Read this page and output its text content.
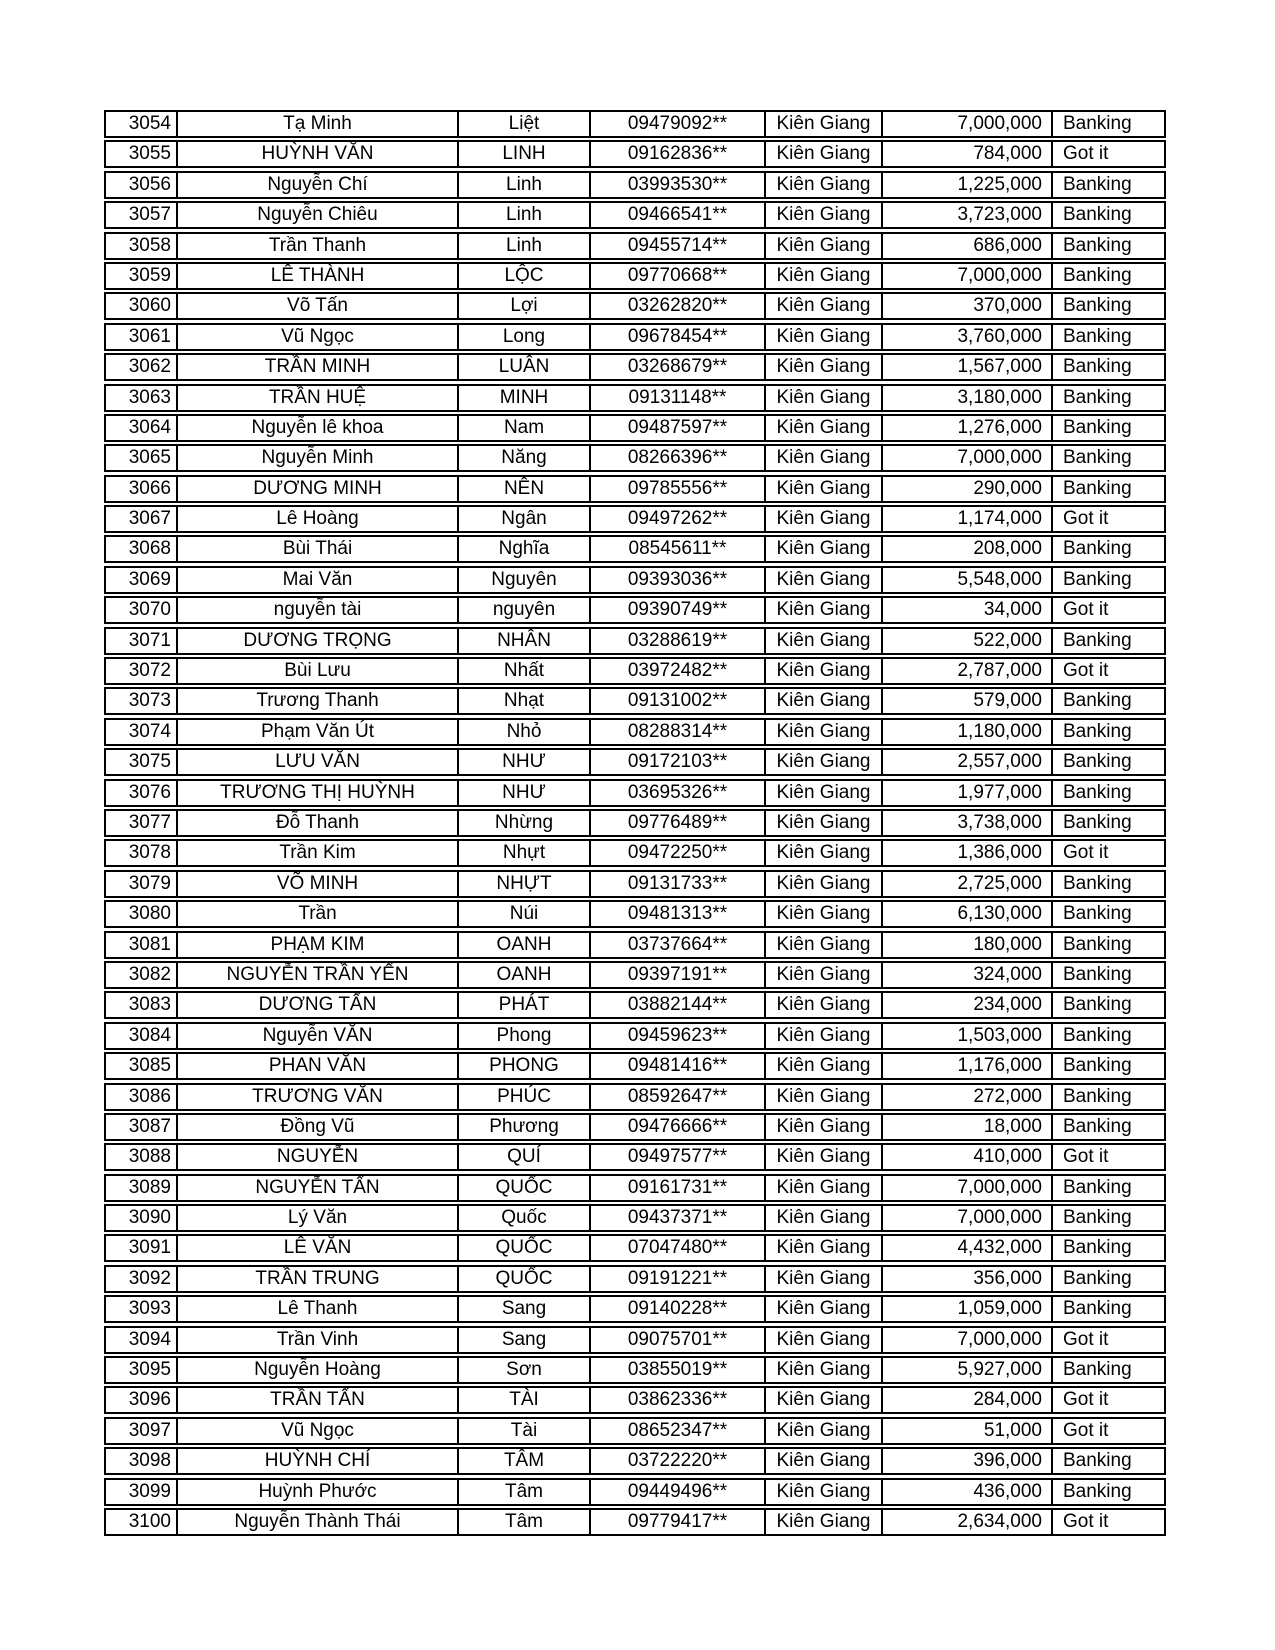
3054	Tạ Minh	Liệt	09479092**	Kiên Giang	7,000,000	Banking
3055	HUỲNH VĂN	LINH	09162836**	Kiên Giang	784,000	Got it
3056	Nguyễn Chí	Linh	03993530**	Kiên Giang	1,225,000	Banking
3057	Nguyễn Chiêu	Linh	09466541**	Kiên Giang	3,723,000	Banking
3058	Trần Thanh	Linh	09455714**	Kiên Giang	686,000	Banking
3059	LÊ THÀNH	LỘC	09770668**	Kiên Giang	7,000,000	Banking
3060	Võ Tấn	Lợi	03262820**	Kiên Giang	370,000	Banking
3061	Vũ Ngọc	Long	09678454**	Kiên Giang	3,760,000	Banking
3062	TRẦN MINH	LUÂN	03268679**	Kiên Giang	1,567,000	Banking
3063	TRẦN HUỆ	MINH	09131148**	Kiên Giang	3,180,000	Banking
3064	Nguyễn lê khoa	Nam	09487597**	Kiên Giang	1,276,000	Banking
3065	Nguyễn Minh	Năng	08266396**	Kiên Giang	7,000,000	Banking
3066	DƯƠNG MINH	NÊN	09785556**	Kiên Giang	290,000	Banking
3067	Lê Hoàng	Ngân	09497262**	Kiên Giang	1,174,000	Got it
3068	Bùi Thái	Nghĩa	08545611**	Kiên Giang	208,000	Banking
3069	Mai Văn	Nguyên	09393036**	Kiên Giang	5,548,000	Banking
3070	nguyễn tài	nguyên	09390749**	Kiên Giang	34,000	Got it
3071	DƯƠNG TRỌNG	NHÂN	03288619**	Kiên Giang	522,000	Banking
3072	Bùi Lưu	Nhất	03972482**	Kiên Giang	2,787,000	Got it
3073	Trương Thanh	Nhạt	09131002**	Kiên Giang	579,000	Banking
3074	Phạm Văn Út	Nhỏ	08288314**	Kiên Giang	1,180,000	Banking
3075	LƯU VĂN	NHƯ	09172103**	Kiên Giang	2,557,000	Banking
3076	TRƯƠNG THỊ HUỲNH	NHƯ	03695326**	Kiên Giang	1,977,000	Banking
3077	Đỗ Thanh	Nhừng	09776489**	Kiên Giang	3,738,000	Banking
3078	Trần Kim	Nhựt	09472250**	Kiên Giang	1,386,000	Got it
3079	VÕ MINH	NHỰT	09131733**	Kiên Giang	2,725,000	Banking
3080	Trần	Núi	09481313**	Kiên Giang	6,130,000	Banking
3081	PHẠM KIM	OANH	03737664**	Kiên Giang	180,000	Banking
3082	NGUYỄN TRẦN YẾN	OANH	09397191**	Kiên Giang	324,000	Banking
3083	DƯƠNG TẤN	PHÁT	03882144**	Kiên Giang	234,000	Banking
3084	Nguyễn VĂN	Phong	09459623**	Kiên Giang	1,503,000	Banking
3085	PHAN VĂN	PHONG	09481416**	Kiên Giang	1,176,000	Banking
3086	TRƯƠNG VĂN	PHÚC	08592647**	Kiên Giang	272,000	Banking
3087	Đồng Vũ	Phương	09476666**	Kiên Giang	18,000	Banking
3088	NGUYỄN	QUÍ	09497577**	Kiên Giang	410,000	Got it
3089	NGUYỄN TẤN	QUỐC	09161731**	Kiên Giang	7,000,000	Banking
3090	Lý Văn	Quốc	09437371**	Kiên Giang	7,000,000	Banking
3091	LÊ VĂN	QUỐC	07047480**	Kiên Giang	4,432,000	Banking
3092	TRẦN TRUNG	QUỐC	09191221**	Kiên Giang	356,000	Banking
3093	Lê Thanh	Sang	09140228**	Kiên Giang	1,059,000	Banking
3094	Trần Vinh	Sang	09075701**	Kiên Giang	7,000,000	Got it
3095	Nguyễn Hoàng	Sơn	03855019**	Kiên Giang	5,927,000	Banking
3096	TRẦN TẤN	TÀI	03862336**	Kiên Giang	284,000	Got it
3097	Vũ Ngọc	Tài	08652347**	Kiên Giang	51,000	Got it
3098	HUỲNH CHÍ	TÂM	03722220**	Kiên Giang	396,000	Banking
3099	Huỳnh Phước	Tâm	09449496**	Kiên Giang	436,000	Banking
3100	Nguyễn Thành Thái	Tâm	09779417**	Kiên Giang	2,634,000	Got it
